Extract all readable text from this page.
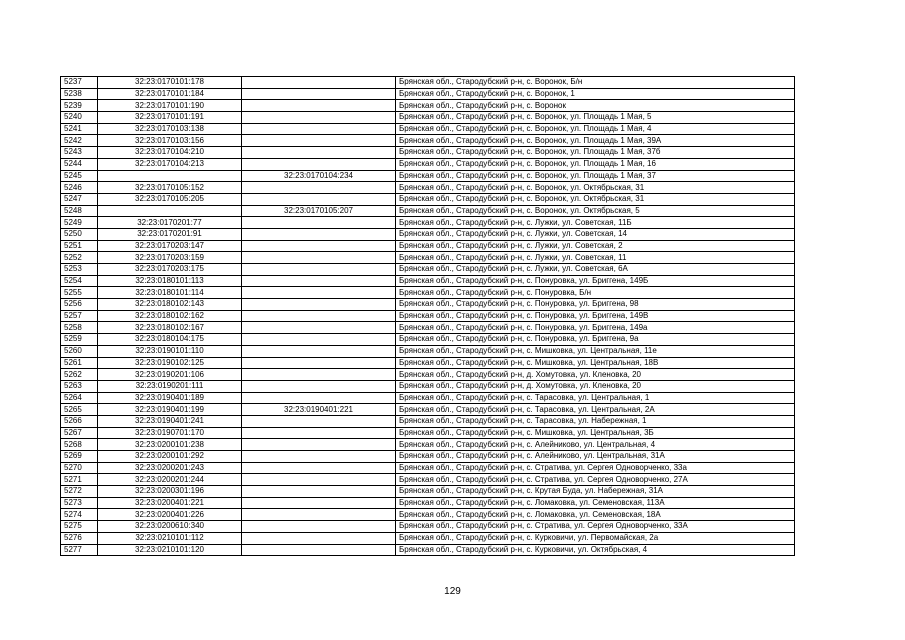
5237	32:23:0170101:178		Брянская обл., Стародубский р-н, с. Воронок, Б/н
5238	32:23:0170101:184		Брянская обл., Стародубский р-н, с. Воронок, 1
5239	32:23:0170101:190		Брянская обл., Стародубский р-н, с. Воронок
5240	32:23:0170101:191		Брянская обл., Стародубский р-н, с. Воронок, ул. Площадь 1 Мая, 5
5241	32:23:0170103:138		Брянская обл., Стародубский р-н, с. Воронок, ул. Площадь 1 Мая, 4
5242	32:23:0170103:156		Брянская обл., Стародубский р-н, с. Воронок, ул. Площадь 1 Мая, 39А
5243	32:23:0170104:210		Брянская обл., Стародубский р-н, с. Воронок, ул. Площадь 1 Мая, 37б
5244	32:23:0170104:213		Брянская обл., Стародубский р-н, с. Воронок, ул. Площадь 1 Мая, 16
5245		32:23:0170104:234	Брянская обл., Стародубский р-н, с. Воронок, ул. Площадь 1 Мая, 37
5246	32:23:0170105:152		Брянская обл., Стародубский р-н, с. Воронок, ул. Октябрьская, 31
5247	32:23:0170105:205		Брянская обл., Стародубский р-н, с. Воронок, ул. Октябрьская, 31
5248		32:23:0170105:207	Брянская обл., Стародубский р-н, с. Воронок, ул. Октябрьская, 5
5249	32:23:0170201:77		Брянская обл., Стародубский р-н, с. Лужки, ул. Советская, 11Б
5250	32:23:0170201:91		Брянская обл., Стародубский р-н, с. Лужки, ул. Советская, 14
5251	32:23:0170203:147		Брянская обл., Стародубский р-н, с. Лужки, ул. Советская, 2
5252	32:23:0170203:159		Брянская обл., Стародубский р-н, с. Лужки, ул. Советская, 11
5253	32:23:0170203:175		Брянская обл., Стародубский р-н, с. Лужки, ул. Советская, 6А
5254	32:23:0180101:113		Брянская обл., Стародубский р-н, с. Понуровка, ул. Бриггена, 149Б
5255	32:23:0180101:114		Брянская обл., Стародубский р-н, с. Понуровка, Б/н
5256	32:23:0180102:143		Брянская обл., Стародубский р-н, с. Понуровка, ул. Бриггена, 98
5257	32:23:0180102:162		Брянская обл., Стародубский р-н, с. Понуровка, ул. Бриггена, 149В
5258	32:23:0180102:167		Брянская обл., Стародубский р-н, с. Понуровка, ул. Бриггена, 149а
5259	32:23:0180104:175		Брянская обл., Стародубский р-н, с. Понуровка, ул. Бриггена, 9а
5260	32:23:0190101:110		Брянская обл., Стародубский р-н, с. Мишковка, ул. Центральная, 11е
5261	32:23:0190102:125		Брянская обл., Стародубский р-н, с. Мишковка, ул. Центральная, 18В
5262	32:23:0190201:106		Брянская обл., Стародубский р-н, д. Хомутовка, ул. Кленовка, 20
5263	32:23:0190201:111		Брянская обл., Стародубский р-н, д. Хомутовка, ул. Кленовка, 20
5264	32:23:0190401:189		Брянская обл., Стародубский р-н, с. Тарасовка, ул. Центральная, 1
5265	32:23:0190401:199	32:23:0190401:221	Брянская обл., Стародубский р-н, с. Тарасовка, ул. Центральная, 2А
5266	32:23:0190401:241		Брянская обл., Стародубский р-н, с. Тарасовка, ул. Набережная, 1
5267	32:23:0190701:170		Брянская обл., Стародубский р-н, с. Мишковка, ул. Центральная, 3Б
5268	32:23:0200101:238		Брянская обл., Стародубский р-н, с. Алейниково, ул. Центральная, 4
5269	32:23:0200101:292		Брянская обл., Стародубский р-н, с. Алейниково, ул. Центральная, 31А
5270	32:23:0200201:243		Брянская обл., Стародубский р-н, с. Стратива, ул. Сергея Одноворченко, 33а
5271	32:23:0200201:244		Брянская обл., Стародубский р-н, с. Стратива, ул. Сергея Одноворченко, 27А
5272	32:23:0200301:196		Брянская обл., Стародубский р-н, с. Крутая Буда, ул. Набережная, 31А
5273	32:23:0200401:221		Брянская обл., Стародубский р-н, с. Ломаковка, ул. Семеновская, 113А
5274	32:23:0200401:226		Брянская обл., Стародубский р-н, с. Ломаковка, ул. Семеновская, 18А
5275	32:23:0200610:340		Брянская обл., Стародубский р-н, с. Стратива, ул. Сергея Одноворченко, 33А
5276	32:23:0210101:112		Брянская обл., Стародубский р-н, с. Курковичи, ул. Первомайская, 2а
5277	32:23:0210101:120		Брянская обл., Стародубский р-н, с. Курковичи, ул. Октябрьская, 4
129
